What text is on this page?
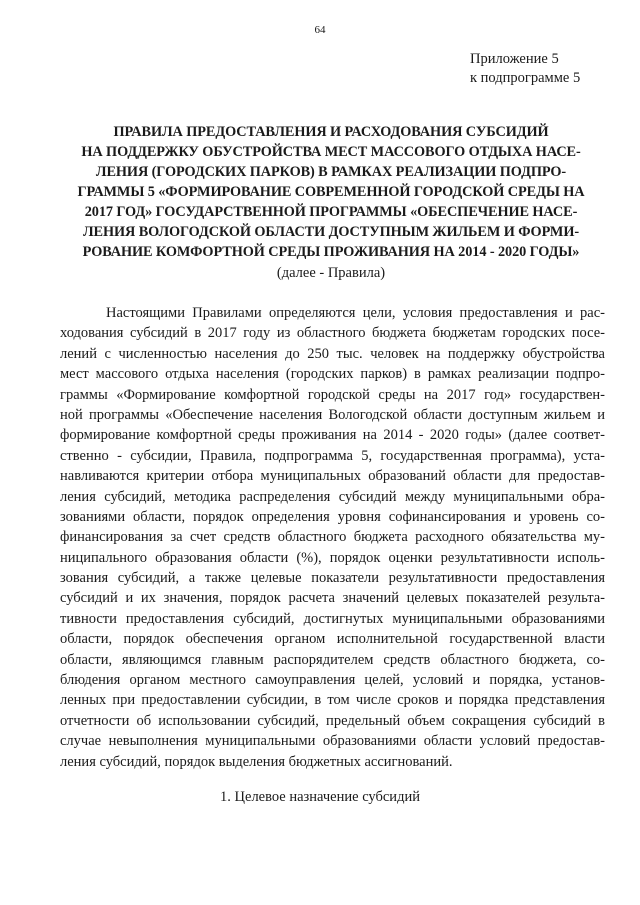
64
Приложение 5
к подпрограмме 5
ПРАВИЛА ПРЕДОСТАВЛЕНИЯ И РАСХОДОВАНИЯ СУБСИДИЙ
НА ПОДДЕРЖКУ ОБУСТРОЙСТВА МЕСТ МАССОВОГО ОТДЫХА НАСЕ-
ЛЕНИЯ (ГОРОДСКИХ ПАРКОВ) В РАМКАХ РЕАЛИЗАЦИИ ПОДПРО-
ГРАММЫ 5 «ФОРМИРОВАНИЕ СОВРЕМЕННОЙ ГОРОДСКОЙ СРЕДЫ НА
2017 ГОД» ГОСУДАРСТВЕННОЙ ПРОГРАММЫ «ОБЕСПЕЧЕНИЕ НАСЕ-
ЛЕНИЯ ВОЛОГОДСКОЙ ОБЛАСТИ ДОСТУПНЫМ ЖИЛЬЕМ И ФОРМИ-
РОВАНИЕ КОМФОРТНОЙ СРЕДЫ ПРОЖИВАНИЯ НА 2014 - 2020 ГОДЫ»
(далее - Правила)
Настоящими Правилами определяются цели, условия предоставления и рас-
ходования субсидий в 2017 году из областного бюджета бюджетам городских посе-
лений с численностью населения до 250 тыс. человек на поддержку обустройства
мест массового отдыха населения (городских парков) в рамках реализации подпро-
граммы «Формирование комфортной городской среды на 2017 год» государствен-
ной программы «Обеспечение населения Вологодской области доступным жильем и
формирование комфортной среды проживания на 2014 - 2020 годы» (далее соответ-
ственно - субсидии, Правила, подпрограмма 5, государственная программа), уста-
навливаются критерии отбора муниципальных образований области для предостав-
ления субсидий, методика распределения субсидий между муниципальными обра-
зованиями области, порядок определения уровня софинансирования и уровень со-
финансирования за счет средств областного бюджета расходного обязательства му-
ниципального образования области (%), порядок оценки результативности исполь-
зования субсидий, а также целевые показатели результативности предоставления
субсидий и их значения, порядок расчета значений целевых показателей результа-
тивности предоставления субсидий, достигнутых муниципальными образованиями
области, порядок обеспечения органом исполнительной государственной власти
области, являющимся главным распорядителем средств областного бюджета, со-
блюдения органом местного самоуправления целей, условий и порядка, установ-
ленных при предоставлении субсидии, в том числе сроков и порядка представления
отчетности об использовании субсидий, предельный объем сокращения субсидий в
случае невыполнения муниципальными образованиями области условий предостав-
ления субсидий, порядок выделения бюджетных ассигнований.
1. Целевое назначение субсидий
